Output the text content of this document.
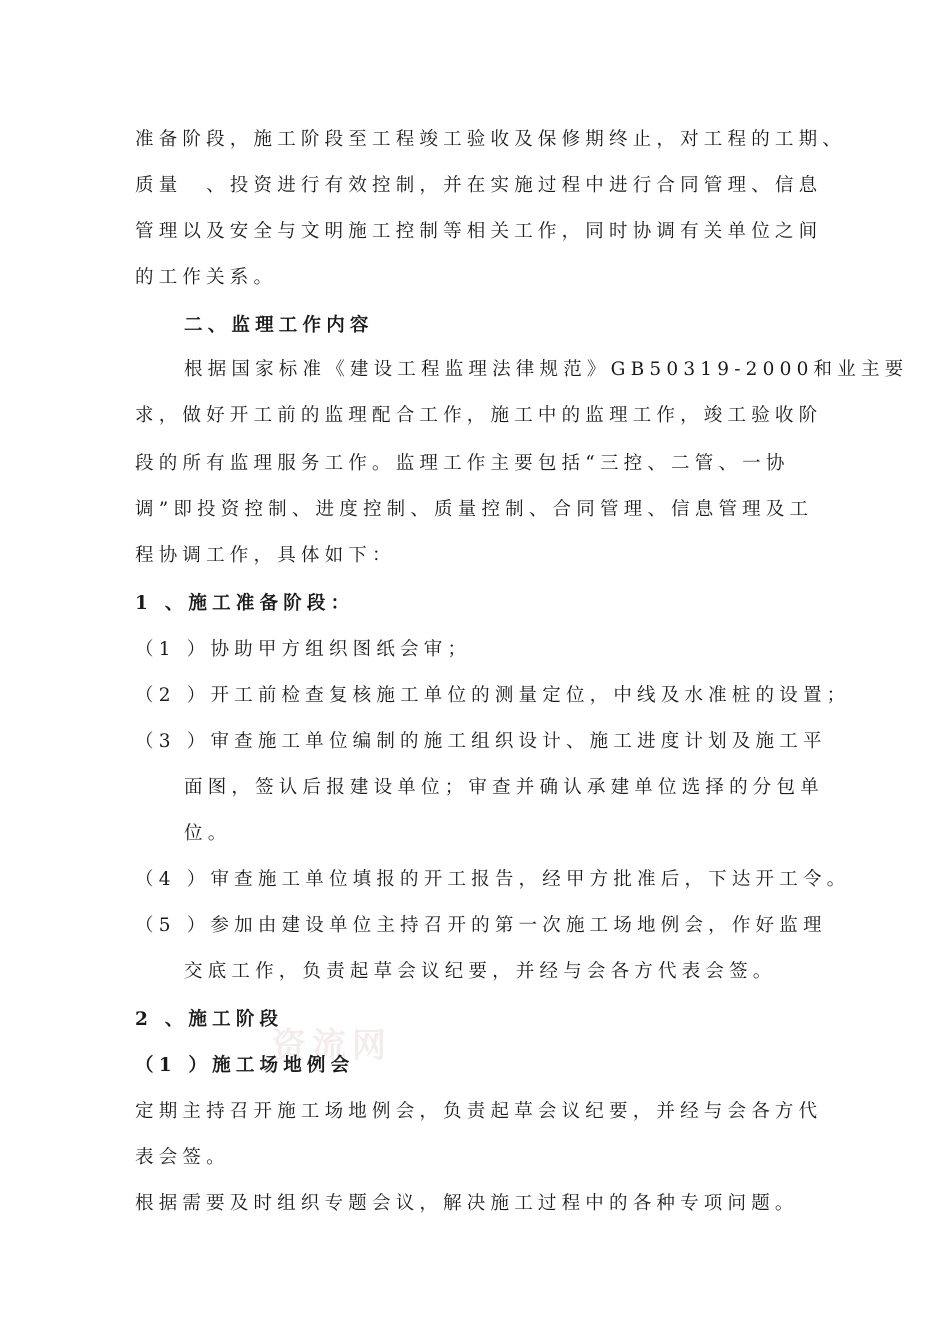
资流网
准备阶段，施工阶段至工程竣工验收及保修期终止，对工程的工期、
质量　、投资进行有效控制，并在实施过程中进行合同管理、信息
管理以及安全与文明施工控制等相关工作，同时协调有关单位之间
的工作关系。
二、监理工作内容
根据国家标准《建设工程监理法律规范》GB50319-2000和业主要
求，做好开工前的监理配合工作，施工中的监理工作，竣工验收阶
段的所有监理服务工作。监理工作主要包括“三控、二管、一协
调”即投资控制、进度控制、质量控制、合同管理、信息管理及工
程协调工作，具体如下：
1 、施工准备阶段：
（1 ）协助甲方组织图纸会审；
（2 ）开工前检查复核施工单位的测量定位，中线及水准桩的设置；
（3 ）审查施工单位编制的施工组织设计、施工进度计划及施工平
面图，签认后报建设单位；审查并确认承建单位选择的分包单
位。
（4 ）审查施工单位填报的开工报告，经甲方批准后，下达开工令。
（5 ）参加由建设单位主持召开的第一次施工场地例会，作好监理
交底工作，负责起草会议纪要，并经与会各方代表会签。
2 、施工阶段
（1 ）施工场地例会
定期主持召开施工场地例会，负责起草会议纪要，并经与会各方代
表会签。
根据需要及时组织专题会议，解决施工过程中的各种专项问题。
